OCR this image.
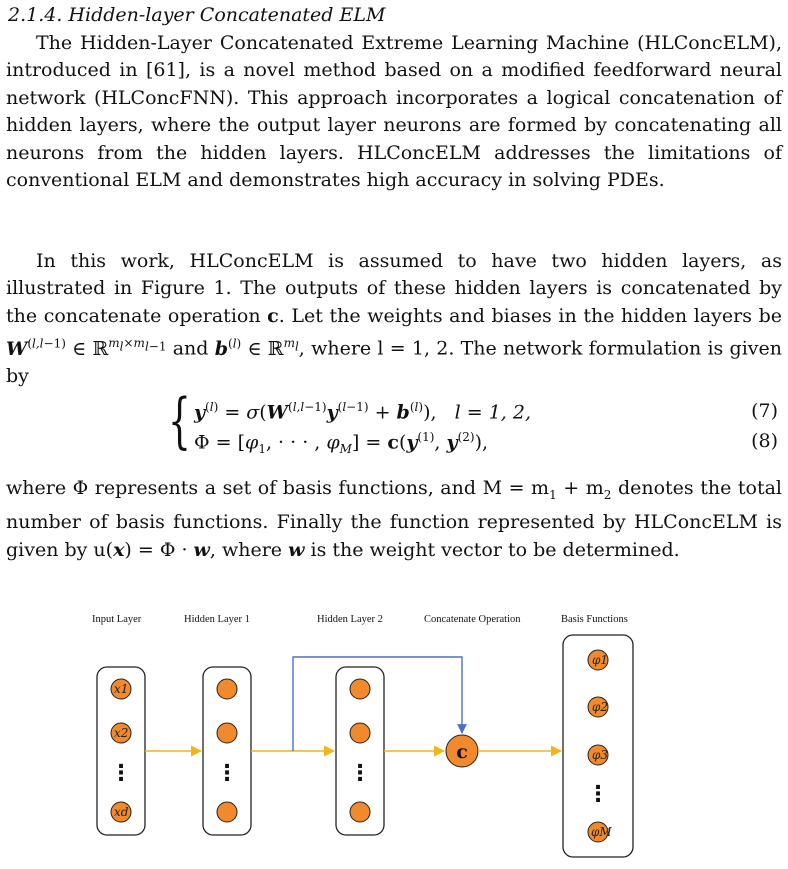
2.1.4. Hidden-layer Concatenated ELM

The Hidden-Layer Concatenated Extreme Learning Machine (HLConcELM), introduced in [61], is a novel method based on a modified feedforward neural network (HLConcFNN). This approach incorporates a logical concatenation of hidden layers, where the output layer neurons are formed by concatenating all neurons from the hidden layers. HLConcELM addresses the limitations of conventional ELM and demonstrates high accuracy in solving PDEs.

In this work, HLConcELM is assumed to have two hidden layers, as illustrated in Figure 1. The outputs of these hidden layers is concatenated by the concatenate operation c. Let the weights and biases in the hidden layers be $W^{(l,l-1)}$ ∈ ℝ$^{m_l\times m_{l-1}}$ and $b^{(l)}$ ∈ ℝ$^{m_l}$, where l = 1, 2. The network formulation is given by

{ $y^{(l)} = \sigma(W^{(l,l-1)}y^{(l-1)} + b^{(l)})$, l = 1, 2,
$\Phi = [\varphi_1$, · · · , $\varphi_M] = c(y^{(1)}$, $y^{(2)}$),
(7)
(8)

where Φ represents a set of basis functions, and $M = m_1 + m_2$ denotes the total number of basis functions. Finally the function represented by HLConcELM is given by u(x) = Φ · w, where w is the weight vector to be determined.

Input Layer	Hidden Layer 1	Hidden Layer 2	Concatenate Operation	Basis Functions
x1
x2
⋮
xd
⋮	⋮
c
φ1
φ2
φ3
⋮
φM
